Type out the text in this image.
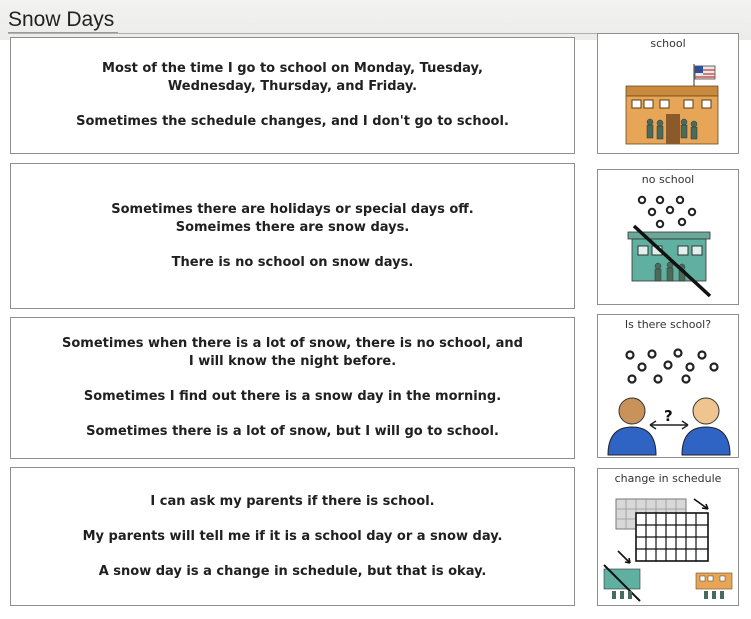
Snow Days

Most of the time I go to school on Monday, Tuesday,
Wednesday, Thursday, and Friday.

Sometimes the schedule changes, and I don't go to school.

school

Sometimes there are holidays or special days off.
Someimes there are snow days.

There is no school on snow days.

no school

Sometimes when there is a lot of snow, there is no school, and
I will know the night before.

Sometimes I find out there is a snow day in the morning.

Sometimes there is a lot of snow, but I will go to school.

Is there school?
?

I can ask my parents if there is school.

My parents will tell me if it is a school day or a snow day.

A snow day is a change in schedule, but that is okay.

change in schedule
